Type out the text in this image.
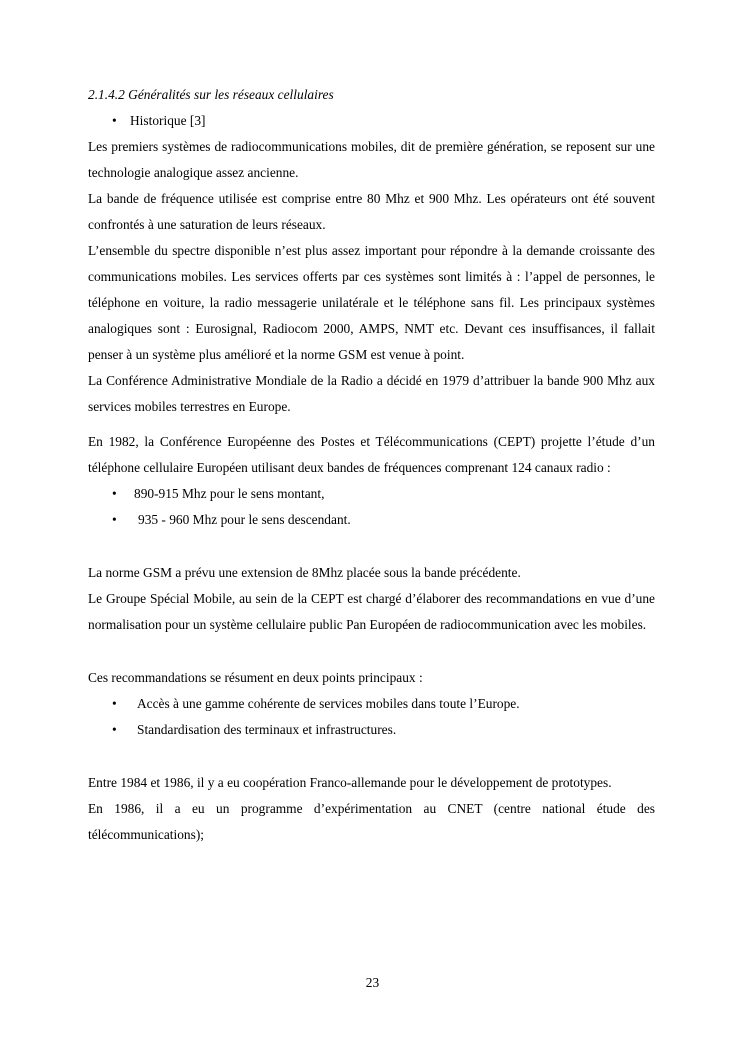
2.1.4.2 Généralités sur les réseaux cellulaires

• Historique [3]

Les premiers systèmes de radiocommunications mobiles, dit de première génération, se reposent sur une technologie analogique assez ancienne.

La bande de fréquence utilisée est comprise entre 80 Mhz et 900 Mhz. Les opérateurs ont été souvent confrontés à une saturation de leurs réseaux.

L’ensemble du spectre disponible n’est plus assez important pour répondre à la demande croissante des communications mobiles. Les services offerts par ces systèmes sont limités à : l’appel de personnes, le téléphone en voiture, la radio messagerie unilatérale et le téléphone sans fil. Les principaux systèmes analogiques sont : Eurosignal, Radiocom 2000, AMPS, NMT etc. Devant ces insuffisances, il fallait penser à un système plus amélioré et la norme GSM est venue à point.

La Conférence Administrative Mondiale de la Radio a décidé en 1979 d’attribuer la bande 900 Mhz aux services mobiles terrestres en Europe.

En 1982, la Conférence Européenne des Postes et Télécommunications (CEPT) projette l’étude d’un téléphone cellulaire Européen utilisant deux bandes de fréquences comprenant 124 canaux radio :

• 890-915 Mhz pour le sens montant,
• 935 - 960 Mhz pour le sens descendant.

La norme GSM a prévu une extension de 8Mhz placée sous la bande précédente.

Le Groupe Spécial Mobile, au sein de la CEPT est chargé d’élaborer des recommandations en vue d’une normalisation pour un système cellulaire public Pan Européen de radiocommunication avec les mobiles.

Ces recommandations se résument en deux points principaux :

• Accès à une gamme cohérente de services mobiles dans toute l’Europe.
• Standardisation des terminaux et infrastructures.

Entre 1984 et 1986, il y a eu coopération Franco-allemande pour le développement de prototypes.

En 1986, il a eu un programme d’expérimentation au CNET (centre national étude des télécommunications);

23
